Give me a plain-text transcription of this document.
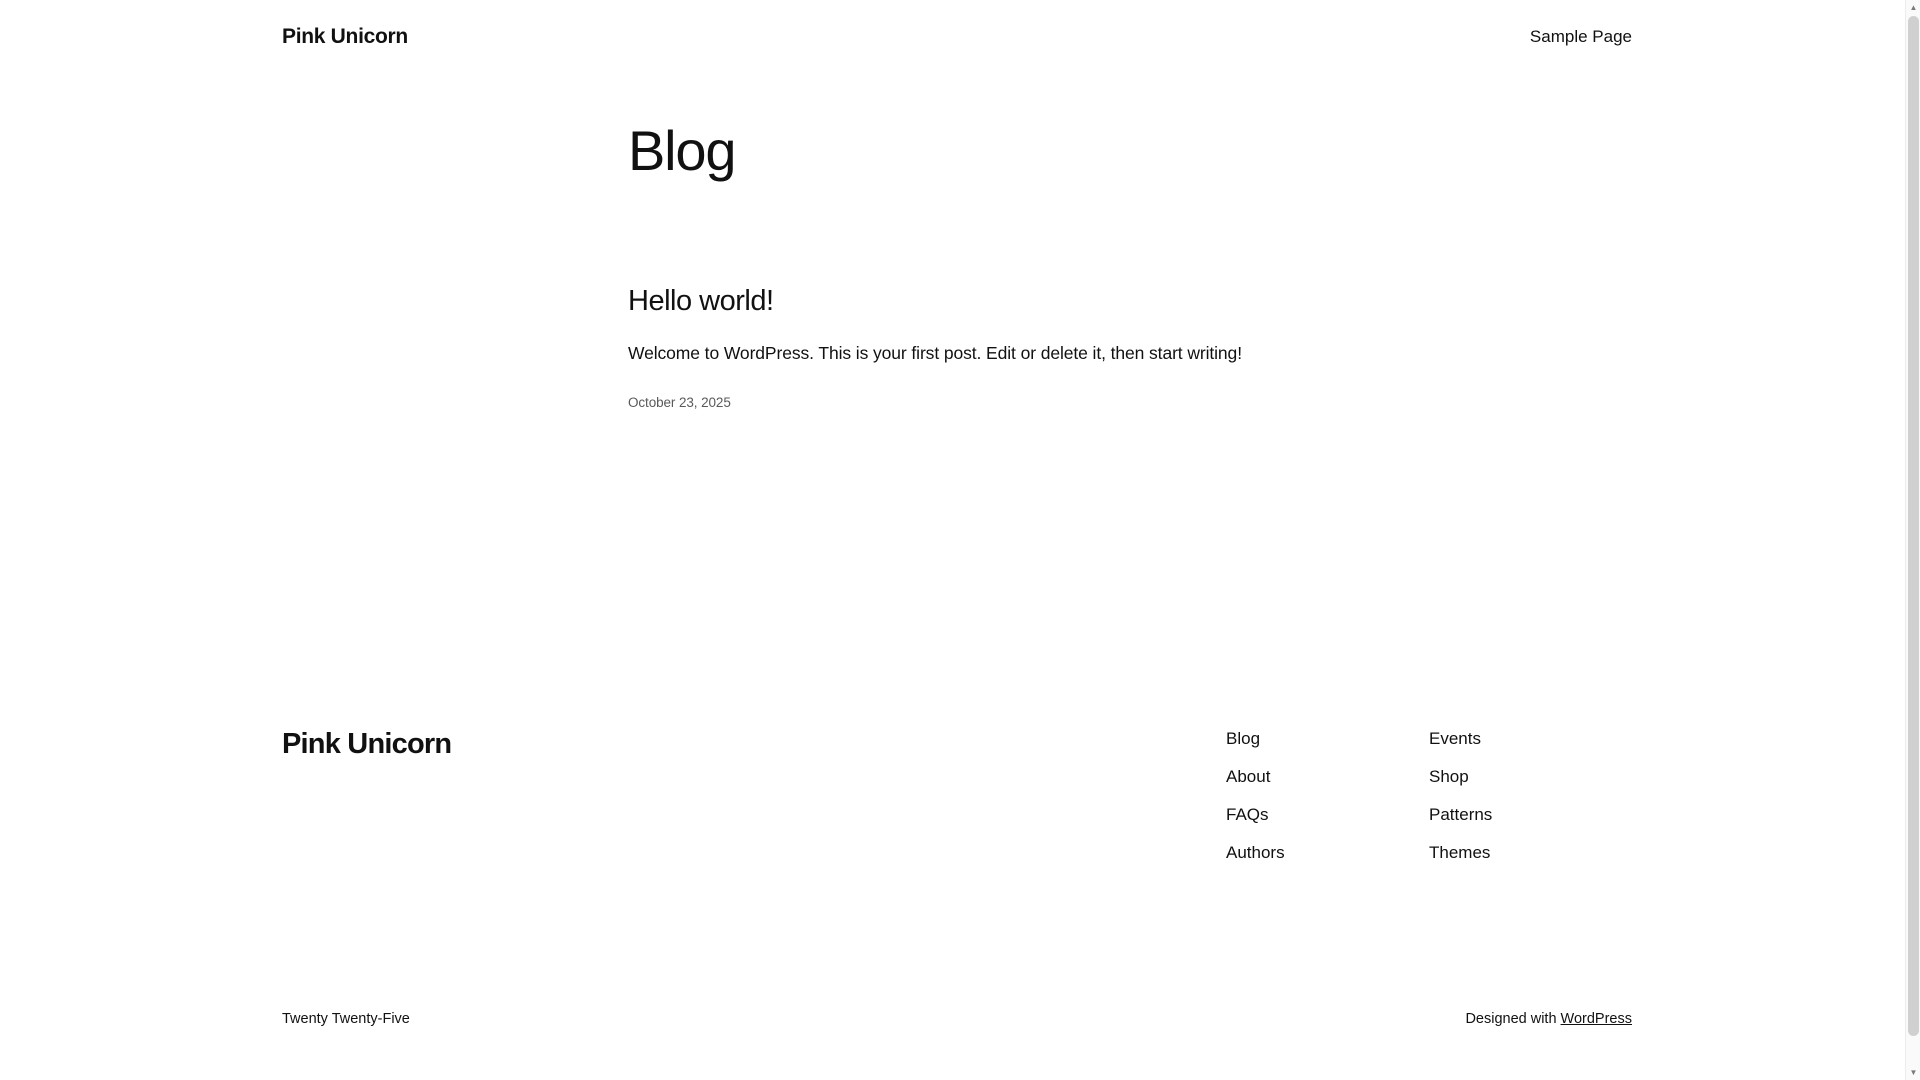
Pink Unicorn	Sample Page
Blog
Hello world!

Welcome to WordPress. This is your first post. Edit or delete it, then start writing!

October 23, 2025
Pink Unicorn	Blog
About
FAQs
Authors
Events
Shop
Patterns
Themes
Twenty Twenty-Five	Designed with WordPress
▲
▼
